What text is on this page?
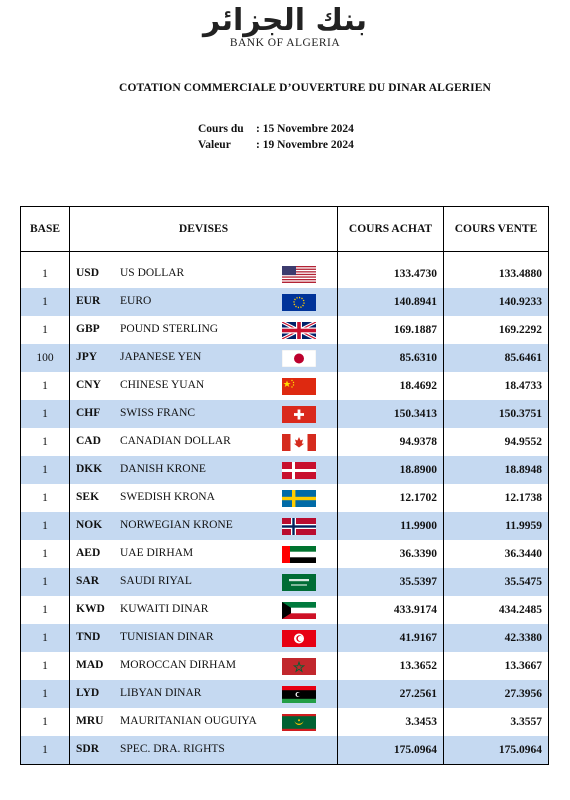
بنك الجزائر
BANK OF ALGERIA
COTATION COMMERCIALE D’OUVERTURE DU DINAR ALGERIEN
Cours du : 15 Novembre 2024
Valeur : 19 Novembre 2024
BASE	DEVISES	COURS ACHAT	COURS VENTE

1	USD US DOLLAR	133.4730	133.4880
1	EUR EURO	140.8941	140.9233
1	GBP POUND STERLING	169.1887	169.2292
100	JPY JAPANESE YEN	85.6310	85.6461
1	CNY CHINESE YUAN	18.4692	18.4733
1	CHF SWISS FRANC	150.3413	150.3751
1	CAD CANADIAN DOLLAR	94.9378	94.9552
1	DKK DANISH KRONE	18.8900	18.8948
1	SEK SWEDISH KRONA	12.1702	12.1738
1	NOK NORWEGIAN KRONE	11.9900	11.9959
1	AED UAE DIRHAM	36.3390	36.3440
1	SAR SAUDI RIYAL	35.5397	35.5475
1	KWD KUWAITI DINAR	433.9174	434.2485
1	TND TUNISIAN DINAR	41.9167	42.3380
1	MAD MOROCCAN DIRHAM	13.3652	13.3667
1	LYD LIBYAN DINAR	27.2561	27.3956
1	MRU MAURITANIAN OUGUIYA	3.3453	3.3557
1	SDR SPEC. DRA. RIGHTS	175.0964	175.0964
